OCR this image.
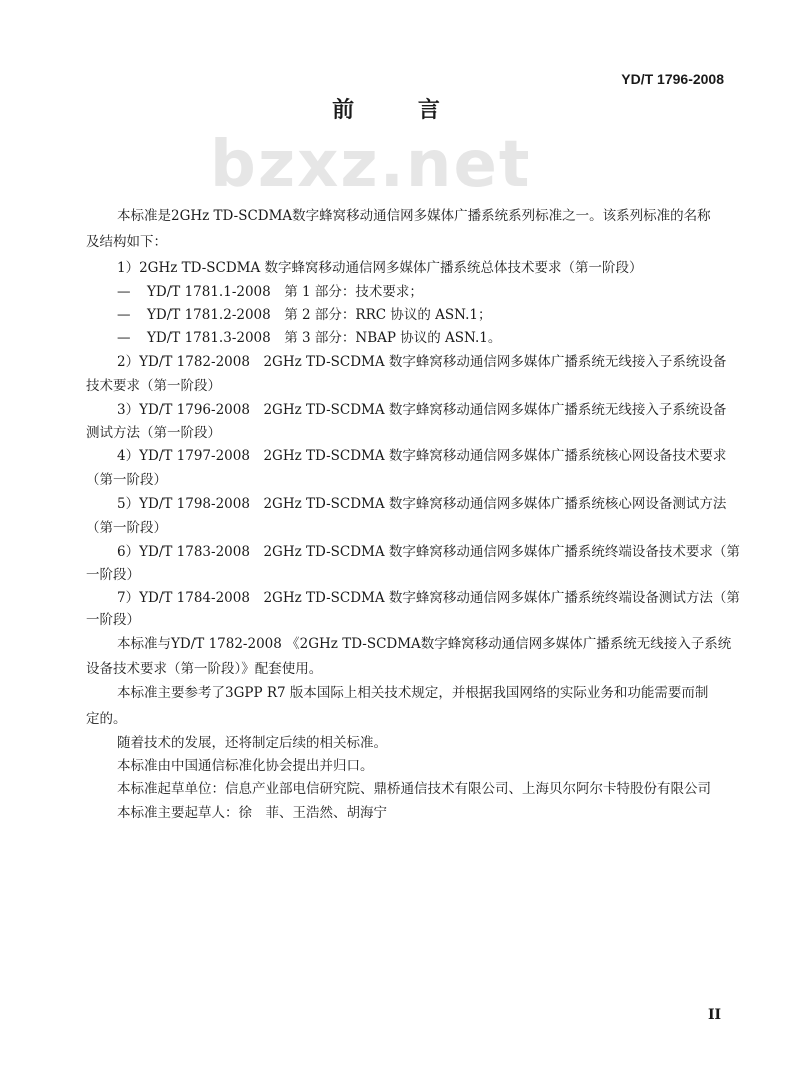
YD/T 1796-2008
前 言
bzxz.net
本标准是2GHz TD-SCDMA数字蜂窝移动通信网多媒体广播系统系列标准之一。该系列标准的名称
及结构如下：
1）2GHz TD-SCDMA 数字蜂窝移动通信网多媒体广播系统总体技术要求（第一阶段）
— YD/T 1781.1-2008　第 1 部分：技术要求；
— YD/T 1781.2-2008　第 2 部分：RRC 协议的 ASN.1；
— YD/T 1781.3-2008　第 3 部分：NBAP 协议的 ASN.1。
2）YD/T 1782-2008　2GHz TD-SCDMA 数字蜂窝移动通信网多媒体广播系统无线接入子系统设备
技术要求（第一阶段）
3）YD/T 1796-2008　2GHz TD-SCDMA 数字蜂窝移动通信网多媒体广播系统无线接入子系统设备
测试方法（第一阶段）
4）YD/T 1797-2008　2GHz TD-SCDMA 数字蜂窝移动通信网多媒体广播系统核心网设备技术要求
（第一阶段）
5）YD/T 1798-2008　2GHz TD-SCDMA 数字蜂窝移动通信网多媒体广播系统核心网设备测试方法
（第一阶段）
6）YD/T 1783-2008　2GHz TD-SCDMA 数字蜂窝移动通信网多媒体广播系统终端设备技术要求（第
一阶段）
7）YD/T 1784-2008　2GHz TD-SCDMA 数字蜂窝移动通信网多媒体广播系统终端设备测试方法（第
一阶段）
本标准与YD/T 1782-2008 《2GHz TD-SCDMA数字蜂窝移动通信网多媒体广播系统无线接入子系统
设备技术要求（第一阶段）》配套使用。
本标准主要参考了3GPP R7 版本国际上相关技术规定，并根据我国网络的实际业务和功能需要而制
定的。
随着技术的发展，还将制定后续的相关标准。
本标准由中国通信标准化协会提出并归口。
本标准起草单位：信息产业部电信研究院、鼎桥通信技术有限公司、上海贝尔阿尔卡特股份有限公司
本标准主要起草人：徐　菲、王浩然、胡海宁
II
